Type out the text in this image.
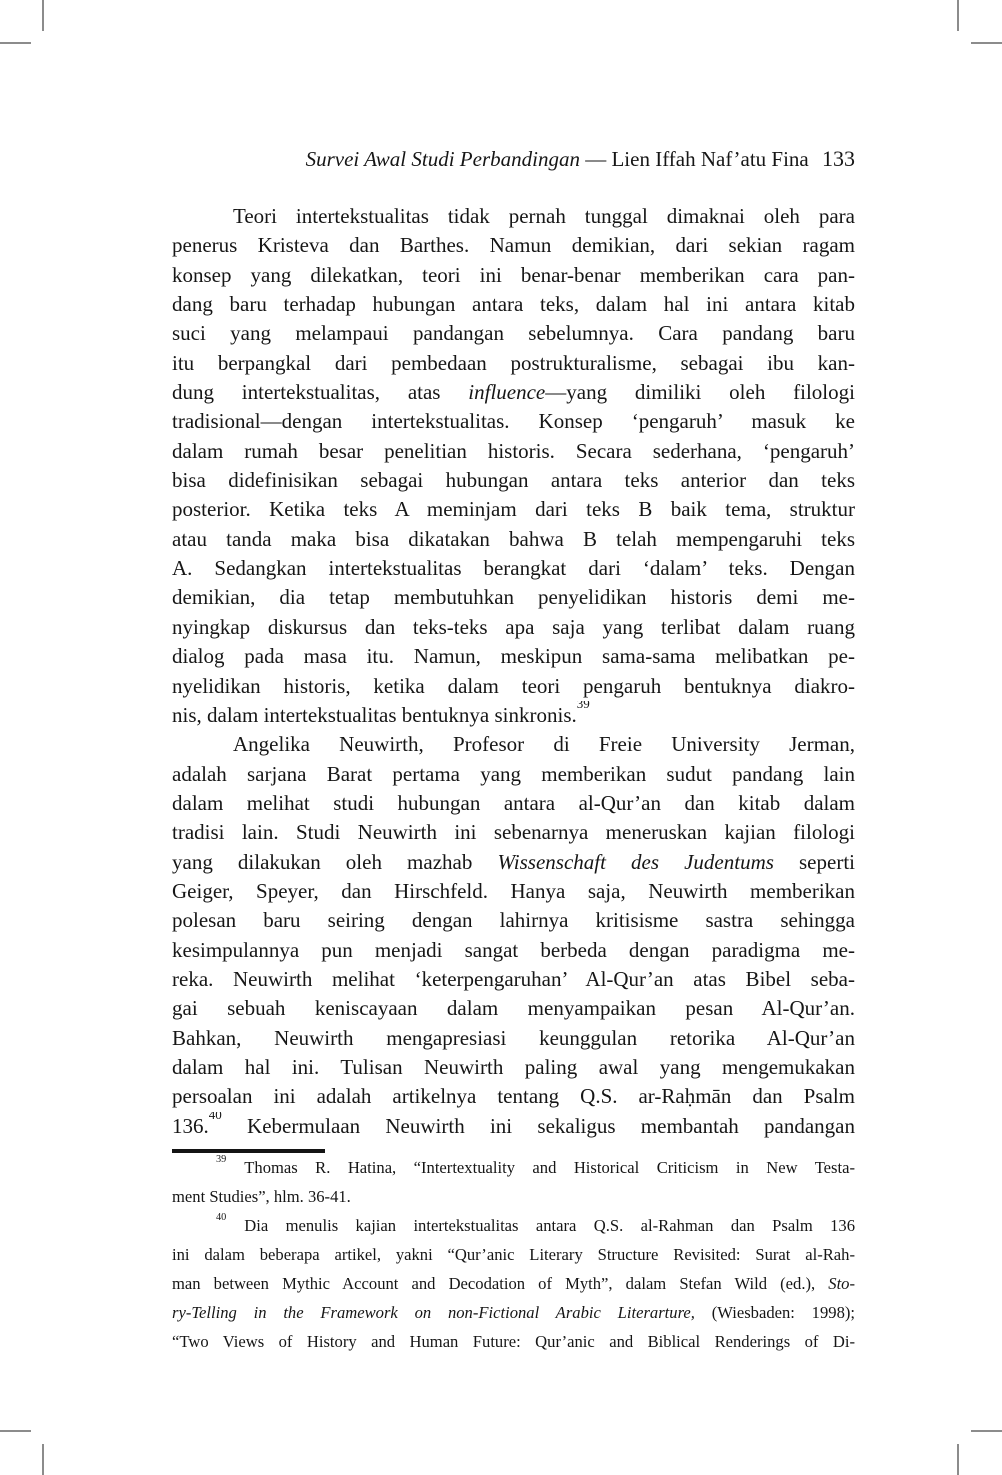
Survei Awal Studi Perbandingan — Lien Iffah Naf’atu Fina 133
Teori intertekstualitas tidak pernah tunggal dimaknai oleh para
penerus Kristeva dan Barthes. Namun demikian, dari sekian ragam
konsep yang dilekatkan, teori ini benar-benar memberikan cara pan-
dang baru terhadap hubungan antara teks, dalam hal ini antara kitab
suci yang melampaui pandangan sebelumnya. Cara pandang baru
itu berpangkal dari pembedaan postrukturalisme, sebagai ibu kan-
dung intertekstualitas, atas influence—yang dimiliki oleh filologi
tradisional—dengan intertekstualitas. Konsep ‘pengaruh’ masuk ke
dalam rumah besar penelitian historis. Secara sederhana, ‘pengaruh’
bisa didefinisikan sebagai hubungan antara teks anterior dan teks
posterior. Ketika teks A meminjam dari teks B baik tema, struktur
atau tanda maka bisa dikatakan bahwa B telah mempengaruhi teks
A. Sedangkan intertekstualitas berangkat dari ‘dalam’ teks. Dengan
demikian, dia tetap membutuhkan penyelidikan historis demi me-
nyingkap diskursus dan teks-teks apa saja yang terlibat dalam ruang
dialog pada masa itu. Namun, meskipun sama-sama melibatkan pe-
nyelidikan historis, ketika dalam teori pengaruh bentuknya diakro-
nis, dalam intertekstualitas bentuknya sinkronis.$^{39}$
Angelika Neuwirth, Profesor di Freie University Jerman,
adalah sarjana Barat pertama yang memberikan sudut pandang lain
dalam melihat studi hubungan antara al-Qur’an dan kitab dalam
tradisi lain. Studi Neuwirth ini sebenarnya meneruskan kajian filologi
yang dilakukan oleh mazhab Wissenschaft des Judentums seperti
Geiger, Speyer, dan Hirschfeld. Hanya saja, Neuwirth memberikan
polesan baru seiring dengan lahirnya kritisisme sastra sehingga
kesimpulannya pun menjadi sangat berbeda dengan paradigma me-
reka. Neuwirth melihat ‘keterpengaruhan’ Al-Qur’an atas Bibel seba-
gai sebuah keniscayaan dalam menyampaikan pesan Al-Qur’an.
Bahkan, Neuwirth mengapresiasi keunggulan retorika Al-Qur’an
dalam hal ini. Tulisan Neuwirth paling awal yang mengemukakan
persoalan ini adalah artikelnya tentang Q.S. ar-Raḥmān dan Psalm
136.40 Kebermulaan Neuwirth ini sekaligus membantah pandangan
$^{39}$ Thomas R. Hatina, “Intertextuality and Historical Criticism in New Testa-
ment Studies”, hlm. 36-41.
$^{40}$ Dia menulis kajian intertekstualitas antara Q.S. al-Rahman dan Psalm 136
ini dalam beberapa artikel, yakni “Qur’anic Literary Structure Revisited: Surat al-Rah-
man between Mythic Account and Decodation of Myth”, dalam Stefan Wild (ed.), Sto-
ry-Telling in the Framework on non-Fictional Arabic Literarture, (Wiesbaden: 1998);
“Two Views of History and Human Future: Qur’anic and Biblical Renderings of Di-
